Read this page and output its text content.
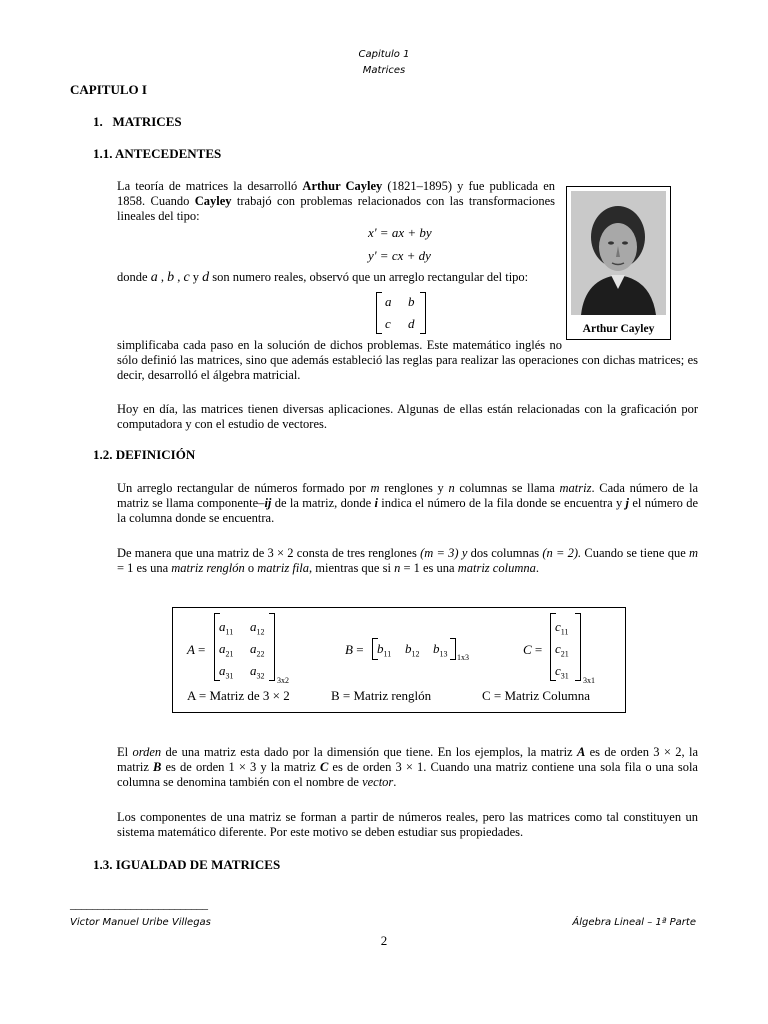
Capitulo 1
Matrices
CAPITULO I
1.   MATRICES
1.1. ANTECEDENTES
La teoría de matrices la desarrolló Arthur Cayley (1821–1895) y fue publicada en 1858. Cuando Cayley trabajó con problemas relacionados con las transformaciones lineales del tipo:
x' = ax + by
y' = cx + dy
donde a , b , c y d son numero reales, observó que un arreglo rectangular del tipo:
a b
c d	Arthur Cayley
simplificaba cada paso en la solución de dichos problemas. Este matemático inglés no
sólo definió las matrices, sino que además estableció las reglas para realizar las operaciones con dichas matrices; es decir, desarrolló el álgebra matricial.
Hoy en día, las matrices tienen diversas aplicaciones. Algunas de ellas están relacionadas con la graficación por computadora y con el estudio de vectores.
1.2. DEFINICIÓN
Un arreglo rectangular de números formado por m renglones y n columnas se llama matriz. Cada número de la matriz se llama componente–ij de la matriz, donde i indica el número de la fila donde se encuentra y j el número de la columna donde se encuentra.
De manera que una matriz de 3 × 2 consta de tres renglones (m = 3) y dos columnas (n = 2). Cuando se tiene que m = 1 es una matriz renglón o matriz fila, mientras que si n = 1 es una matriz columna.
A =
$a_{11}$ $a_{12}$
$a_{21}$ $a_{22}$
$a_{31}$ $a_{32}$ 3x2
$B = b_{11}$ $b_{12}$ $b_{13}$ 1x3
C =
$c_{11}$
$c_{21}$
$c_{31}$ 3x1
A = Matriz de 3 × 2	B = Matriz renglón	C = Matriz Columna
El orden de una matriz esta dado por la dimensión que tiene. En los ejemplos, la matriz A es de orden 3 × 2, la matriz B es de orden 1 × 3 y la matriz C es de orden 3 × 1. Cuando una matriz contiene una sola fila o una sola columna se denomina también con el nombre de vector.
Los componentes de una matriz se forman a partir de números reales, pero las matrices como tal constituyen un sistema matemático diferente. Por este motivo se deben estudiar sus propiedades.
1.3. IGUALDAD DE MATRICES
_________________________
Victor Manuel Uribe Villegas	Álgebra Lineal – 1ª Parte
2
